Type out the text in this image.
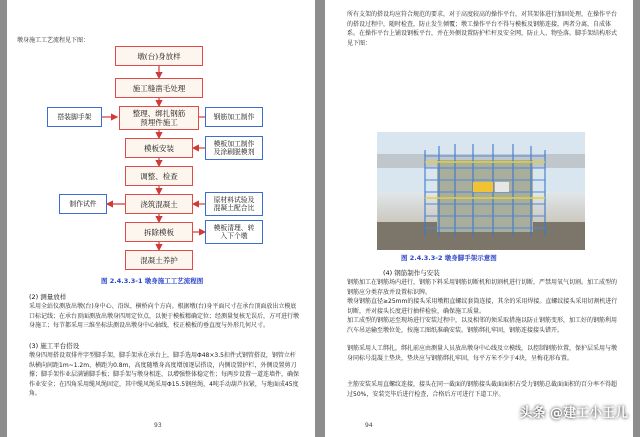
墩身施工工艺流程见下图：
墩(台)身放样
施工缝凿毛处理
整理、绑扎钢筋
预埋件施工
模板安装
调整、检查
浇筑混凝土
拆除模板
混凝土养护
搭装脚手架	钢筋加工制作
模板加工制作
及涂刷脱模剂
原材料试验及
混凝土配合比
制作试件
模板清理、转
入下个墩
图 2.4.3.3-1 墩身施工工艺流程图
(2) 测量放样
采用全站仪测放出墩(台)身中心、沿纵、横桥向个方向。根据墩(台)身平面尺寸在承台顶面放出立模底口标记线；在承台顶面测放出墩身四周定位点，以便于模板精确定位；经测量复核无误后，方可进行墩身施工；每节都采用三维坐标法测设出墩身中心轴线，校正模板的垂直度与外形几何尺寸。
(3) 施工平台搭设
墩身四周搭设双排井字型脚手架，脚手架承在承台上，脚手选用Φ48×3.5扣件式钢管搭设，钢管立杆纵横向间距1m~1.2m，横距为0.8m，高度随墩身高度增加逐层搭设，内侧设置护栏，外侧设置剪刀撑；脚手架作业层满铺脚手板；脚手架与墩身相连，以增强整体稳定性；每两步设置一道连墙件，确保作业安全；在四角采用缆风绳固定，其中缆风绳采用Φ15.5钢丝绳，4吨手动葫芦拉紧，与地面成45度角。
93
所有支架的搭设均应符合规范的要求，对于高度较高的操作平台，对其架体进行加固处理，在操作平台的搭设过程中，随时检查，防止发生倾覆；墩工操作平台不得与模板及钢筋连接，两者分离，自成体系。在操作平台上铺设钢板平台，并在外侧设置防护栏杆及安全网，防止人、物坠落。脚手架结构形式见下图：
图 2.4.3.3-2 墩身脚手架示意图
(4) 钢筋制作与安装
钢筋加工在钢筋场内进行，钢筋下料采用钢筋切断机和切割机进行切断，严禁用氧气切割。加工成型的钢筋应分类存放并设置标识牌。
墩身钢筋直径≥25mm的接头采用墩粗直螺纹套筒连接，其余的采用焊接。直螺纹接头采用切割机进行切断，并对接头长度进行抽样检验，确保施工质量。
加工成型的钢筋运至现场进行安装过程中，以及相邻的须采取措施以防止钢筋变形，加工好的钢筋利用汽车吊运输至墩位处，按施工图纸准确安装。钢筋绑扎牢固，钢筋连接接头错开。
钢筋采用人工绑扎，绑扎前应由测量人员放出墩身中心线及立模线，以控制钢筋位置，保护层采用与墩身同标号混凝土垫块，垫块应与钢筋绑扎牢固，每平方米不少于4块，呈梅花形布置。
主筋安装采用直螺纹连接，接头在同一截面的钢筋接头截面面积占受力钢筋总截面面积的百分率不得超过50%，安装完毕后进行检查，合格后方可进行下道工序。
94
头条 @建工小王儿
